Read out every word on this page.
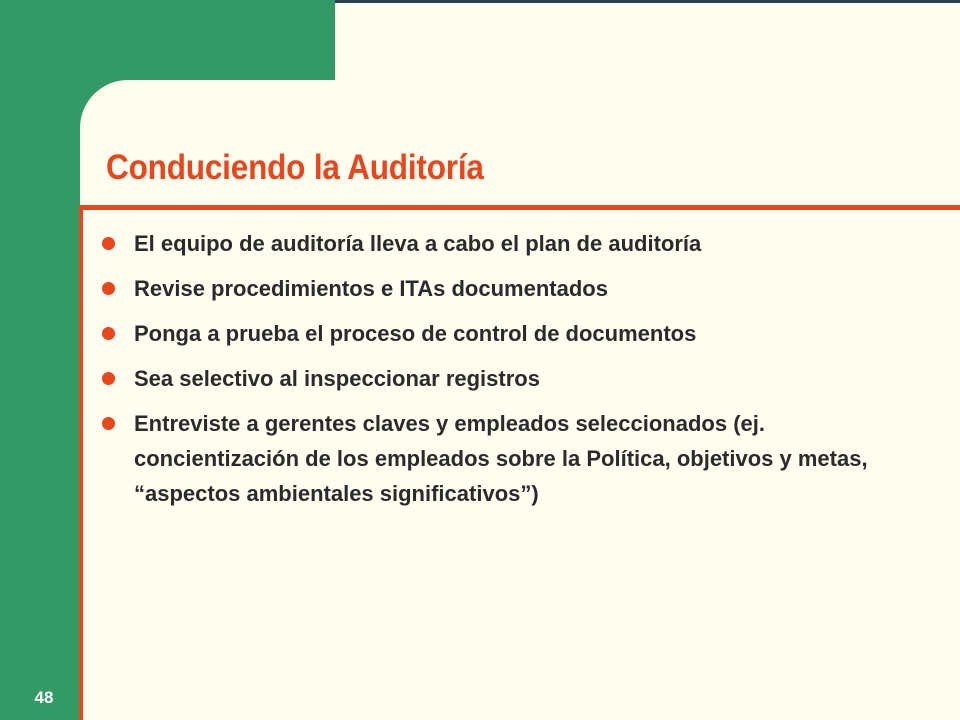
Conduciendo la Auditoría
El equipo de auditoría lleva a cabo el plan de auditoría
Revise procedimientos e ITAs documentados
Ponga a prueba el proceso de control de documentos
Sea selectivo al inspeccionar registros
Entreviste a gerentes claves y empleados seleccionados (ej. concientización de los empleados sobre la Política, objetivos y metas, “aspectos ambientales significativos”)
48
